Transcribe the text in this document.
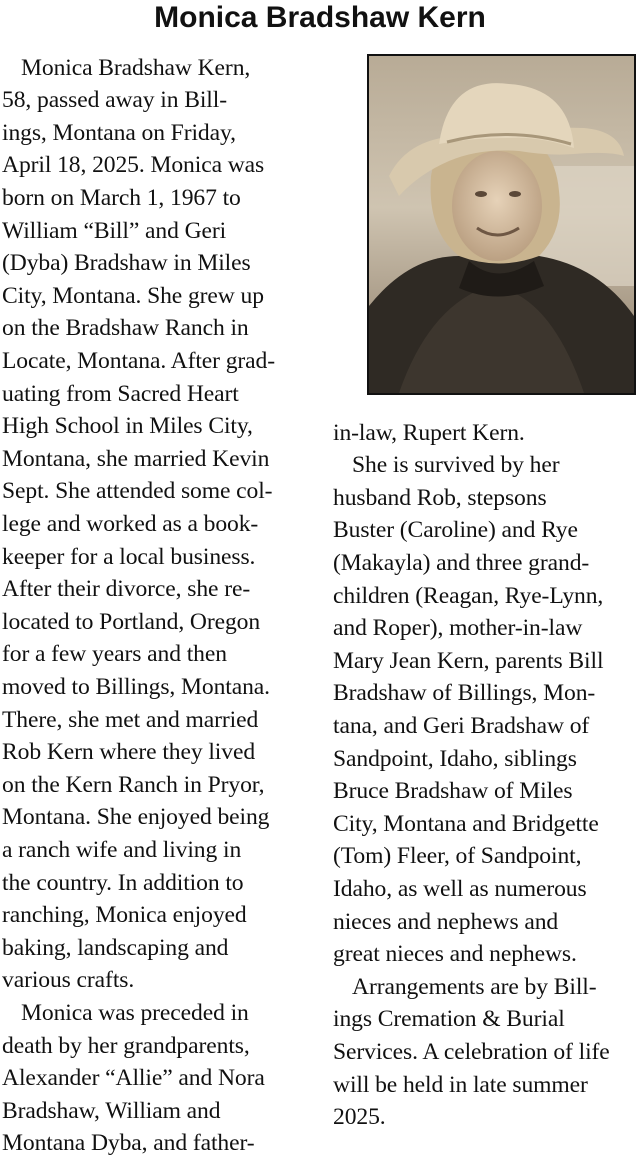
Monica Bradshaw Kern
Monica Bradshaw Kern,
58, passed away in Bill-
ings, Montana on Friday,
April 18, 2025. Monica was
born on March 1, 1967 to
William “Bill” and Geri
(Dyba) Bradshaw in Miles
City, Montana. She grew up
on the Bradshaw Ranch in
Locate, Montana. After grad-
uating from Sacred Heart
High School in Miles City,
Montana, she married Kevin
Sept. She attended some col-
lege and worked as a book-
keeper for a local business.
After their divorce, she re-
located to Portland, Oregon
for a few years and then
moved to Billings, Montana.
There, she met and married
Rob Kern where they lived
on the Kern Ranch in Pryor,
Montana. She enjoyed being
a ranch wife and living in
the country. In addition to
ranching, Monica enjoyed
baking, landscaping and
various crafts.
Monica was preceded in
death by her grandparents,
Alexander “Allie” and Nora
Bradshaw, William and
Montana Dyba, and father-
in-law, Rupert Kern.
She is survived by her
husband Rob, stepsons
Buster (Caroline) and Rye
(Makayla) and three grand-
children (Reagan, Rye-Lynn,
and Roper), mother-in-law
Mary Jean Kern, parents Bill
Bradshaw of Billings, Mon-
tana, and Geri Bradshaw of
Sandpoint, Idaho, siblings
Bruce Bradshaw of Miles
City, Montana and Bridgette
(Tom) Fleer, of Sandpoint,
Idaho, as well as numerous
nieces and nephews and
great nieces and nephews.
Arrangements are by Bill-
ings Cremation & Burial
Services. A celebration of life
will be held in late summer
2025.
